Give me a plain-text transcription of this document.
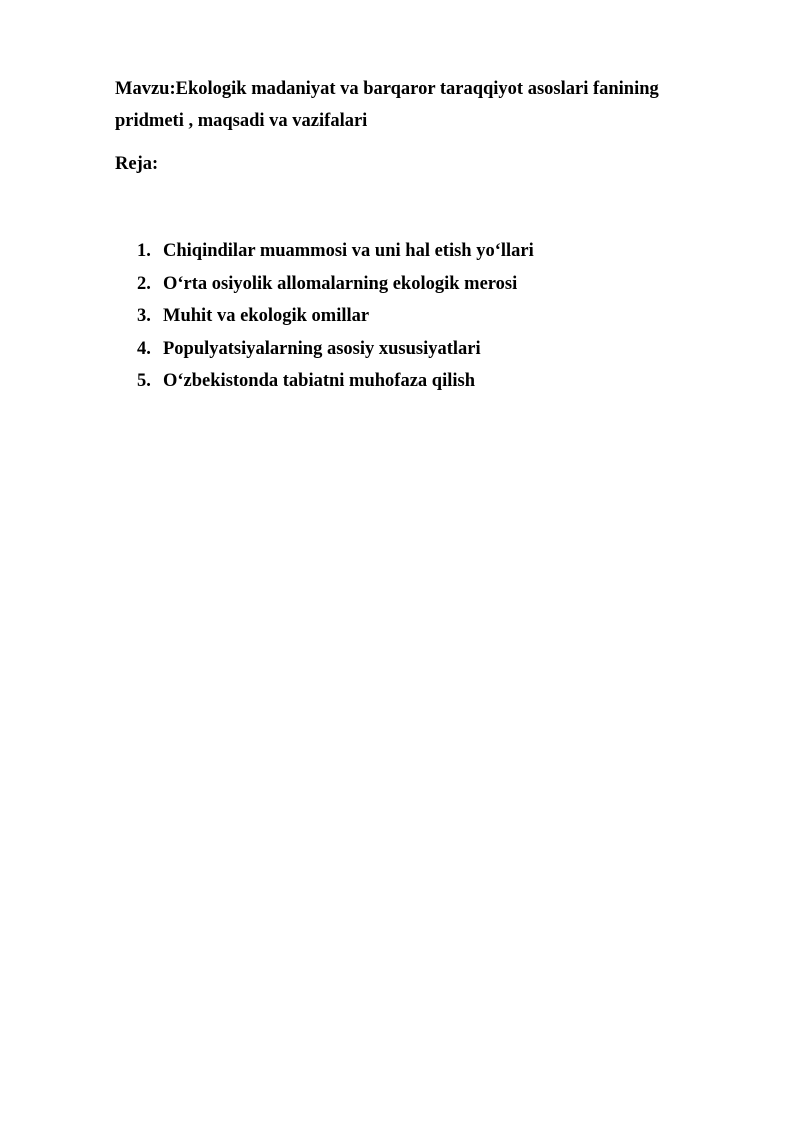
Mavzu:Ekologik madaniyat va barqaror taraqqiyot asoslari fanining pridmeti , maqsadi va vazifalari

Reja:

1. Chiqindilar muammosi va uni hal etish yo‘llari
2. O‘rta osiyolik allomalarning ekologik merosi
3. Muhit va ekologik omillar
4. Populyatsiyalarning asosiy xususiyatlari
5. O‘zbekistonda tabiatni muhofaza qilish
